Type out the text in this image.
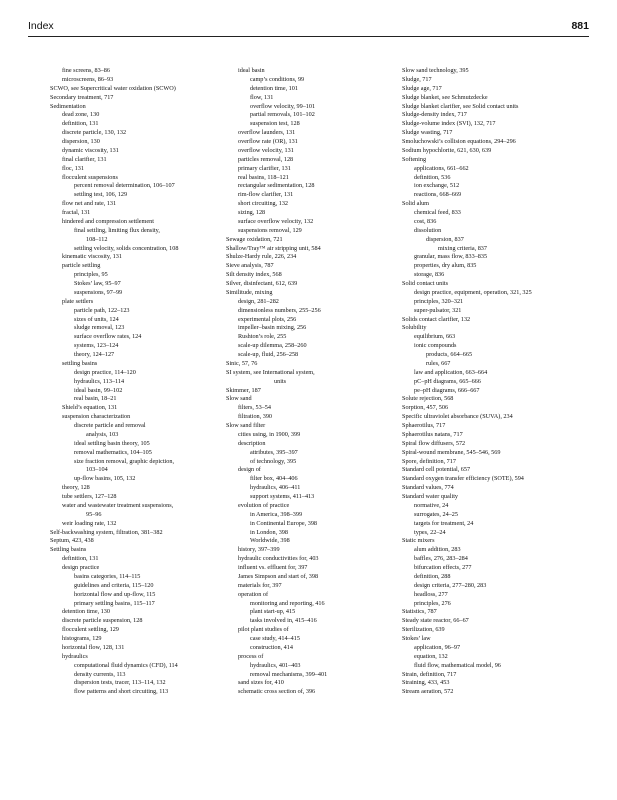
Index	881
fine screens, 83–86
microscreens, 86–93
SCWO, see Supercritical water oxidation (SCWO)
Secondary treatment, 717
Sedimentation
dead zone, 130
definition, 131
discrete particle, 130, 132
dispersion, 130
dynamic viscosity, 131
final clarifier, 131
floc, 131
flocculent suspensions
percent removal determination, 106–107
settling test, 106, 129
flow net and rate, 131
fractal, 131
hindered and compression settlement
final settling, limiting flux density,
108–112
settling velocity, solids concentration, 108
kinematic viscosity, 131
particle settling
principles, 95
Stokes’ law, 95–97
suspensions, 97–99
plate settlers
particle path, 122–123
sizes of units, 124
sludge removal, 123
surface overflow rates, 124
systems, 123–124
theory, 124–127
settling basins
design practice, 114–120
hydraulics, 113–114
ideal basin, 99–102
real basin, 18–21
Shield’s equation, 131
suspension characterization
discrete particle and removal
analysis, 103
ideal settling basin theory, 105
removal mathematics, 104–105
size fraction removal, graphic depiction,
103–104
up-flow basins, 105, 132
theory, 128
tube settlers, 127–128
water and wastewater treatment suspensions,
95–96
weir loading rate, 132
Self-backwashing system, filtration, 381–382
Septum, 423, 438
Settling basins
definition, 131
design practice
basins categories, 114–115
guidelines and criteria, 115–120
horizontal flow and up-flow, 115
primary settling basins, 115–117
detention time, 130
discrete particle suspension, 128
flocculent settling, 129
histograms, 129
horizontal flow, 128, 131
hydraulics
computational fluid dynamics (CFD), 114
density currents, 113
dispersion tests, tracer, 113–114, 132
flow patterns and short circuiting, 113
ideal basin
camp’s conditions, 99
detention time, 101
flow, 131
overflow velocity, 99–101
partial removals, 101–102
suspension test, 128
overflow launders, 131
overflow rate (OR), 131
overflow velocity, 131
particles removal, 128
primary clarifier, 131
real basins, 118–121
rectangular sedimentation, 128
rim-flow clarifier, 131
short circuiting, 132
sizing, 128
surface overflow velocity, 132
suspensions removal, 129
Sewage oxidation, 721
Shallow/Tray™ air stripping unit, 584
Shulze-Hardy rule, 226, 234
Sieve analysis, 787
Silt density index, 568
Silver, disinfectant, 612, 639
Similitude, mixing
design, 281–282
dimensionless numbers, 255–256
experimental plots, 256
impeller–basin mixing, 256
Rushton’s role, 255
scale-up dilemma, 258–260
scale-up, fluid, 256–258
Sinic, 57, 76
SI system, see International system,
units
Skimmer, 187
Slow sand
filters, 53–54
filtration, 390
Slow sand filter
cities using, in 1900, 399
description
attributes, 395–397
of technology, 395
design of
filter box, 404–406
hydraulics, 406–411
support systems, 411–413
evolution of practice
in America, 398–399
in Continental Europe, 398
in London, 398
Worldwide, 398
history, 397–399
hydraulic conductivities for, 403
influent vs. effluent for, 397
James Simpson and start of, 398
materials for, 397
operation of
monitoring and reporting, 416
plant start-up, 415
tasks involved in, 415–416
pilot plant studies of
case study, 414–415
construction, 414
process of
hydraulics, 401–403
removal mechanisms, 399–401
sand sizes for, 410
schematic cross section of, 396
Slow sand technology, 395
Sludge, 717
Sludge age, 717
Sludge blanket, see Schmutzdecke
Sludge blanket clarifier, see Solid contact units
Sludge-density index, 717
Sludge-volume index (SVI), 132, 717
Sludge wasting, 717
Smoluchowski’s collision equations, 294–296
Sodium hypochlorite, 621, 630, 639
Softening
applications, 661–662
definition, 536
ion exchange, 512
reactions, 668–669
Solid alum
chemical feed, 833
cost, 836
dissolution
dispersion, 837
mixing criteria, 837
granular, mass flow, 833–835
properties, dry alum, 835
storage, 836
Solid contact units
design practice, equipment, operation, 321, 325
principles, 320–321
super-pulsator, 321
Solids contact clarifier, 132
Solubility
equilibrium, 663
ionic compounds
products, 664–665
rules, 667
law and application, 663–664
pC–pH diagrams, 665–666
pe–pH diagrams, 666–667
Solute rejection, 568
Sorption, 457, 506
Specific ultraviolet absorbance (SUVA), 234
Sphaerotilus, 717
Sphaerotilus natans, 717
Spiral flow diffusers, 572
Spiral-wound membrane, 545–546, 569
Spore, definition, 717
Standard cell potential, 657
Standard oxygen transfer efficiency (SOTE), 594
Standard values, 774
Standard water quality
normative, 24
surrogates, 24–25
targets for treatment, 24
types, 22–24
Static mixers
alum addition, 283
baffles, 276, 283–284
bifurcation effects, 277
definition, 288
design criteria, 277–280, 283
headloss, 277
principles, 276
Statistics, 787
Steady state reactor, 66–67
Sterilization, 639
Stokes’ law
application, 96–97
equation, 132
fluid flow, mathematical model, 96
Strain, definition, 717
Straining, 433, 453
Stream aeration, 572
